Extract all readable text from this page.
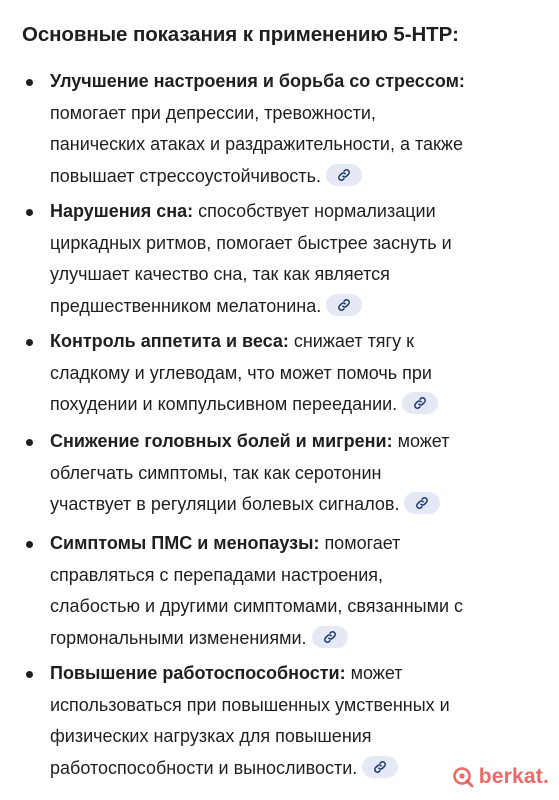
Основные показания к применению 5-HTP:
Улучшение настроения и борьба со стрессом:
помогает при депрессии, тревожности,
панических атаках и раздражительности, а также
повышает стрессоустойчивость.
Нарушения сна: способствует нормализации
циркадных ритмов, помогает быстрее заснуть и
улучшает качество сна, так как является
предшественником мелатонина.
Контроль аппетита и веса: снижает тягу к
сладкому и углеводам, что может помочь при
похудении и компульсивном переедании.
Снижение головных болей и мигрени: может
облегчать симптомы, так как серотонин
участвует в регуляции болевых сигналов.
Симптомы ПМС и менопаузы: помогает
справляться с перепадами настроения,
слабостью и другими симптомами, связанными с
гормональными изменениями.
Повышение работоспособности: может
использоваться при повышенных умственных и
физических нагрузках для повышения
работоспособности и выносливости.	berkat.
